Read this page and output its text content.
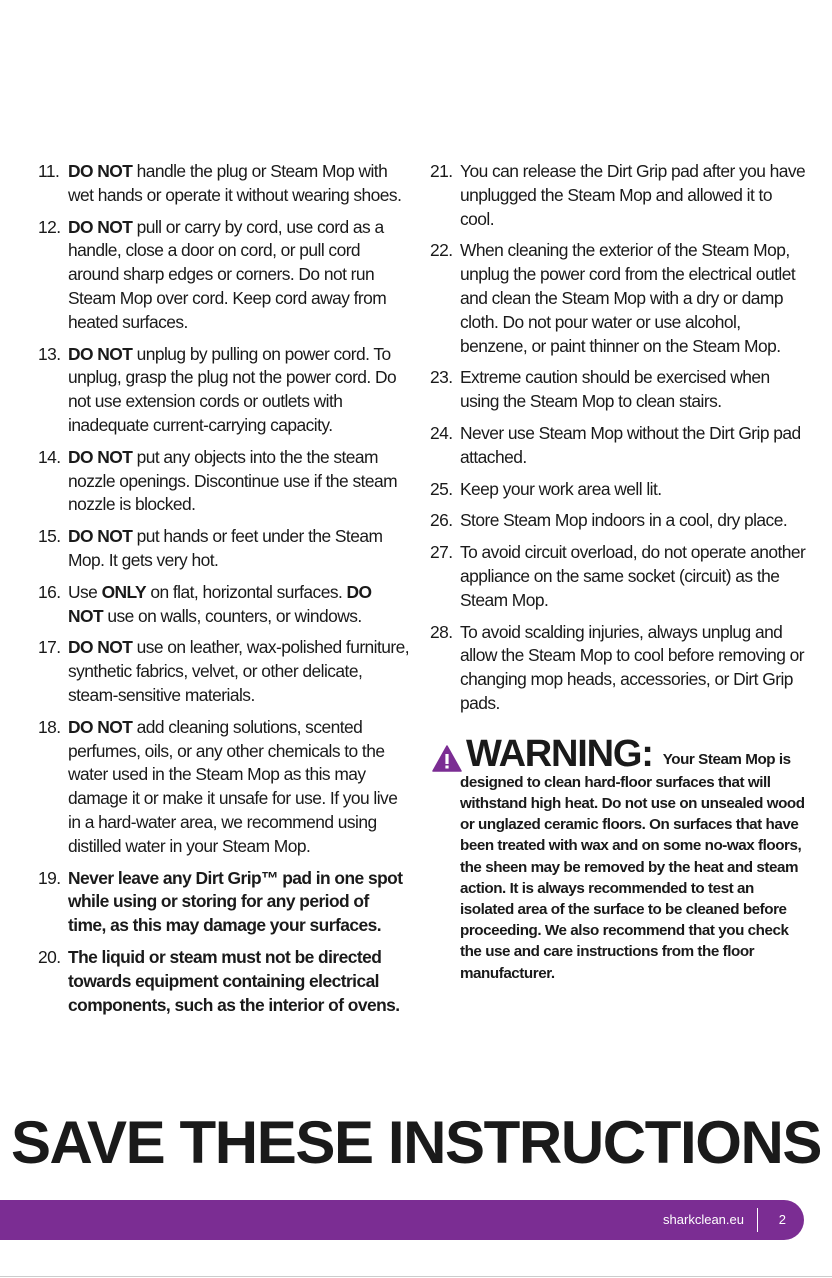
11. DO NOT handle the plug or Steam Mop with wet hands or operate it without wearing shoes.
12. DO NOT pull or carry by cord, use cord as a handle, close a door on cord, or pull cord around sharp edges or corners. Do not run Steam Mop over cord. Keep cord away from heated surfaces.
13. DO NOT unplug by pulling on power cord. To unplug, grasp the plug not the power cord. Do not use extension cords or outlets with inadequate current-carrying capacity.
14. DO NOT put any objects into the the steam nozzle openings. Discontinue use if the steam nozzle is blocked.
15. DO NOT put hands or feet under the Steam Mop. It gets very hot.
16. Use ONLY on flat, horizontal surfaces. DO NOT use on walls, counters, or windows.
17. DO NOT use on leather, wax-polished furniture, synthetic fabrics, velvet, or other delicate, steam-sensitive materials.
18. DO NOT add cleaning solutions, scented perfumes, oils, or any other chemicals to the water used in the Steam Mop as this may damage it or make it unsafe for use. If you live in a hard-water area, we recommend using distilled water in your Steam Mop.
19. Never leave any Dirt Grip™ pad in one spot while using or storing for any period of time, as this may damage your surfaces.
20. The liquid or steam must not be directed towards equipment containing electrical components, such as the interior of ovens.
21. You can release the Dirt Grip pad after you have unplugged the Steam Mop and allowed it to cool.
22. When cleaning the exterior of the Steam Mop, unplug the power cord from the electrical outlet and clean the Steam Mop with a dry or damp cloth. Do not pour water or use alcohol, benzene, or paint thinner on the Steam Mop.
23. Extreme caution should be exercised when using the Steam Mop to clean stairs.
24. Never use Steam Mop without the Dirt Grip pad attached.
25. Keep your work area well lit.
26. Store Steam Mop indoors in a cool, dry place.
27. To avoid circuit overload, do not operate another appliance on the same socket (circuit) as the Steam Mop.
28. To avoid scalding injuries, always unplug and allow the Steam Mop to cool before removing or changing mop heads, accessories, or Dirt Grip pads.
WARNING: Your Steam Mop is
designed to clean hard-floor surfaces that will withstand high heat. Do not use on unsealed wood or unglazed ceramic floors. On surfaces that have been treated with wax and on some no-wax floors, the sheen may be removed by the heat and steam action. It is always recommended to test an isolated area of the surface to be cleaned before proceeding. We also recommend that you check the use and care instructions from the floor manufacturer.
SAVE THESE INSTRUCTIONS
sharkclean.eu	2
